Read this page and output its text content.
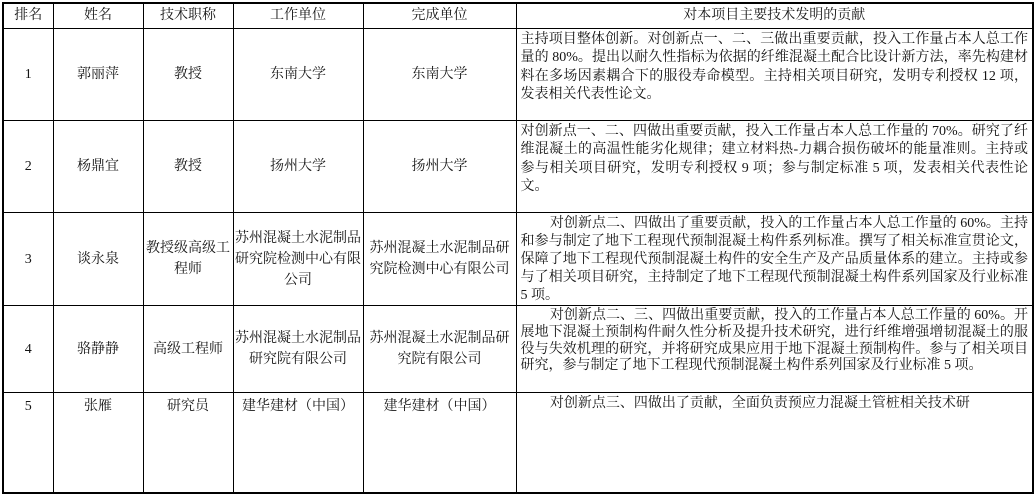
排名	姓名	技术职称	工作单位	完成单位	对本项目主要技术发明的贡献
1	郭丽萍	教授	东南大学	东南大学	主持项目整体创新。对创新点一、二、三做出重要贡献，投入工作量占本人总工作量的 80%。提出以耐久性指标为依据的纤维混凝土配合比设计新方法，率先构建材料在多场因素耦合下的服役寿命模型。主持相关项目研究，发明专利授权 12 项，发表相关代表性论文。

2	杨鼎宜	教授	扬州大学	扬州大学	对创新点一、二、四做出重要贡献，投入工作量占本人总工作量的 70%。研究了纤维混凝土的高温性能劣化规律；建立材料热-力耦合损伤破坏的能量准则。主持或参与相关项目研究，发明专利授权 9 项；参与制定标准 5 项，发表相关代表性论文。

3	谈永泉	教授级高级工程师	苏州混凝土水泥制品研究院检测中心有限公司	苏州混凝土水泥制品研究院检测中心有限公司	对创新点二、四做出了重要贡献，投入的工作量占本人总工作量的 60%。主持和参与制定了地下工程现代预制混凝土构件系列标准。撰写了相关标准宣贯论文，保障了地下工程现代预制混凝土构件的安全生产及产品质量体系的建立。主持或参与了相关项目研究，主持制定了地下工程现代预制混凝土构件系列国家及行业标准 5 项。

4	骆静静	高级工程师	苏州混凝土水泥制品研究院有限公司	苏州混凝土水泥制品研究院有限公司	对创新点二、三、四做出重要贡献，投入的工作量占本人总工作量的 60%。开展地下混凝土预制构件耐久性分析及提升技术研究，进行纤维增强增韧混凝土的服役与失效机理的研究，并将研究成果应用于地下混凝土预制构件。参与了相关项目研究，参与制定了地下工程现代预制混凝土构件系列国家及行业标准 5 项。

5	张雁	研究员	建华建材（中国）	建华建材（中国）	对创新点三、四做出了贡献，全面负责预应力混凝土管桩相关技术研
